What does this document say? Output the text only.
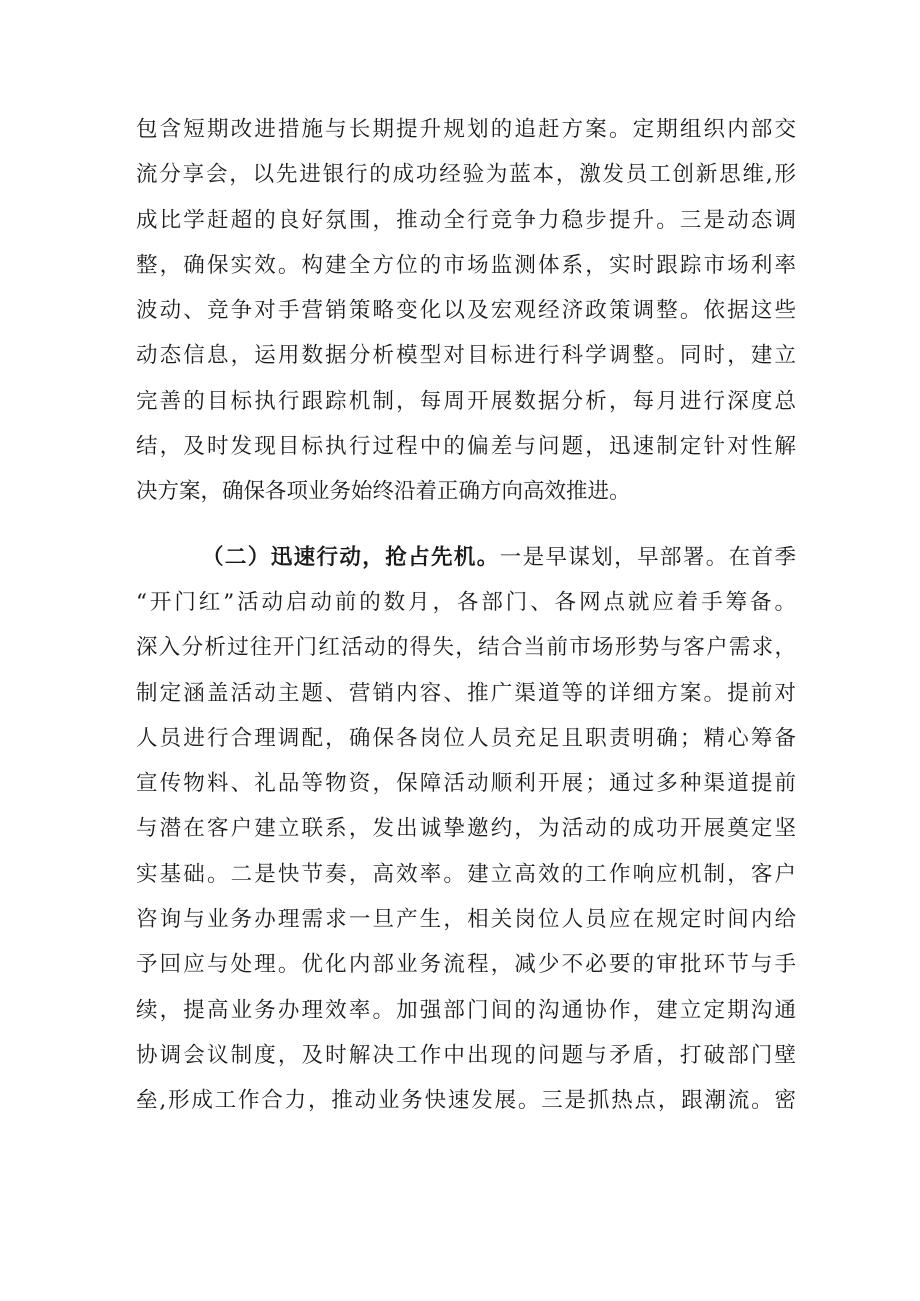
包含短期改进措施与长期提升规划的追赶方案。定期组织内部交
流分享会，以先进银行的成功经验为蓝本，激发员工创新思维,形
成比学赶超的良好氛围，推动全行竞争力稳步提升。三是动态调
整，确保实效。构建全方位的市场监测体系，实时跟踪市场利率
波动、竞争对手营销策略变化以及宏观经济政策调整。依据这些
动态信息，运用数据分析模型对目标进行科学调整。同时，建立
完善的目标执行跟踪机制，每周开展数据分析，每月进行深度总
结，及时发现目标执行过程中的偏差与问题，迅速制定针对性解
决方案，确保各项业务始终沿着正确方向高效推进。
（二）迅速行动，抢占先机。一是早谋划，早部署。在首季
“开门红”活动启动前的数月，各部门、各网点就应着手筹备。
深入分析过往开门红活动的得失，结合当前市场形势与客户需求，
制定涵盖活动主题、营销内容、推广渠道等的详细方案。提前对
人员进行合理调配，确保各岗位人员充足且职责明确；精心筹备
宣传物料、礼品等物资，保障活动顺利开展；通过多种渠道提前
与潜在客户建立联系，发出诚挚邀约，为活动的成功开展奠定坚
实基础。二是快节奏，高效率。建立高效的工作响应机制，客户
咨询与业务办理需求一旦产生，相关岗位人员应在规定时间内给
予回应与处理。优化内部业务流程，减少不必要的审批环节与手
续，提高业务办理效率。加强部门间的沟通协作，建立定期沟通
协调会议制度，及时解决工作中出现的问题与矛盾，打破部门壁
垒,形成工作合力，推动业务快速发展。三是抓热点，跟潮流。密
